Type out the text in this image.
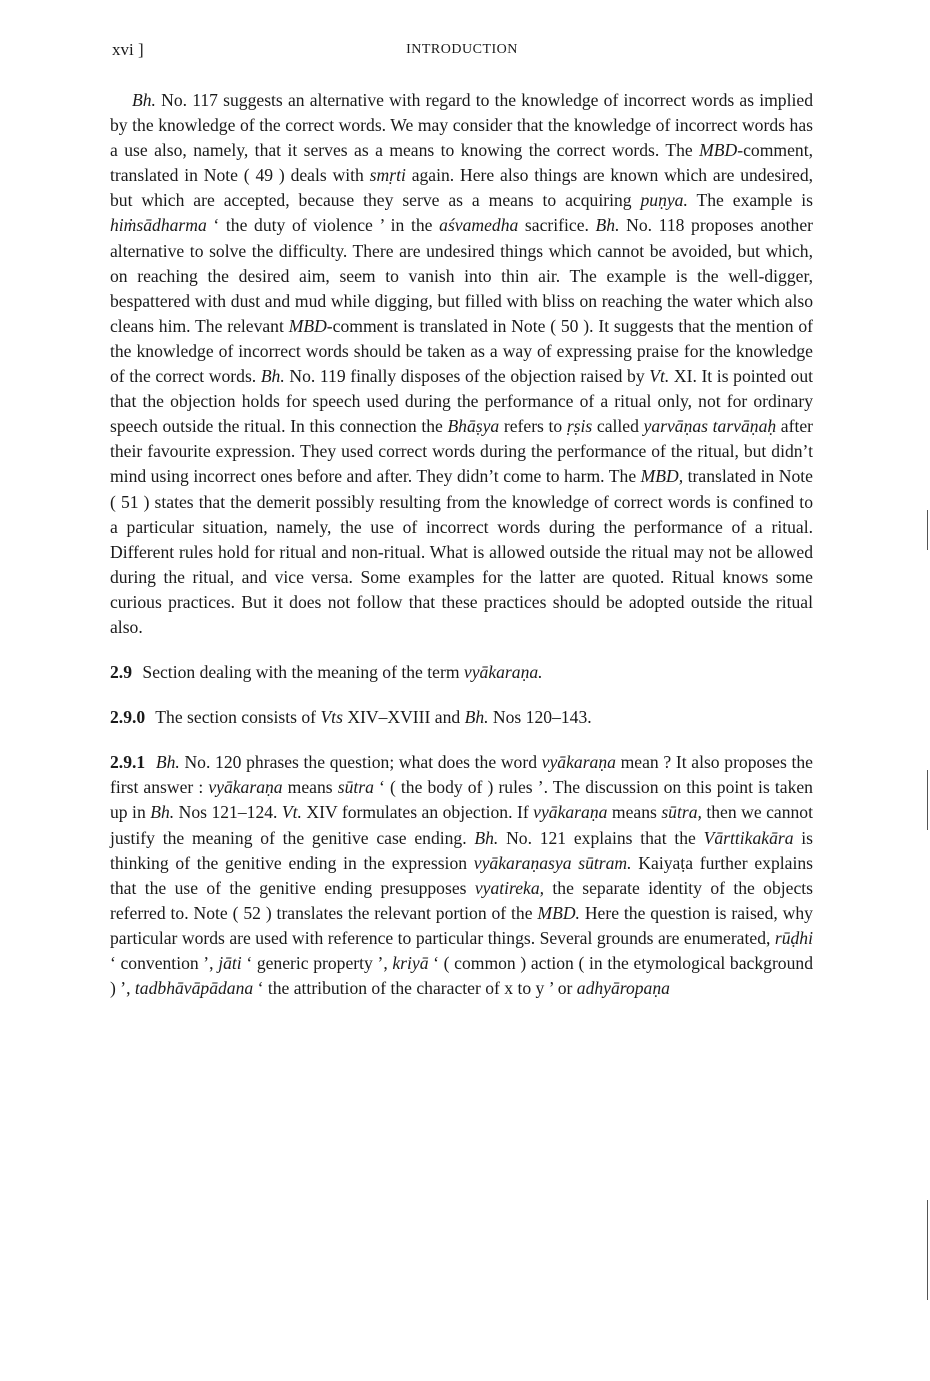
xvi ]	INTRODUCTION

Bh. No. 117 suggests an alternative with regard to the knowledge of incorrect words as implied by the knowledge of the correct words. We may consider that the knowledge of incorrect words has a use also, namely, that it serves as a means to knowing the correct words. The MBD-comment, translated in Note ( 49 ) deals with smṛti again. Here also things are known which are undesired, but which are accepted, because they serve as a means to acquiring puṇya. The example is hiṁsādharma ‘ the duty of violence ’ in the aśvamedha sacrifice. Bh. No. 118 proposes another alternative to solve the difficulty. There are undesired things which cannot be avoided, but which, on reaching the desired aim, seem to vanish into thin air. The example is the well-digger, bespattered with dust and mud while digging, but filled with bliss on reaching the water which also cleans him. The relevant MBD-comment is translated in Note ( 50 ). It suggests that the mention of the knowledge of incorrect words should be taken as a way of expressing praise for the knowledge of the correct words. Bh. No. 119 finally disposes of the objection raised by Vt. XI. It is pointed out that the objection holds for speech used during the performance of a ritual only, not for ordinary speech outside the ritual. In this connection the Bhāṣya refers to ṛṣis called yarvāṇas tarvāṇaḥ after their favourite expression. They used correct words during the performance of the ritual, but didn’t mind using incorrect ones before and after. They didn’t come to harm. The MBD, translated in Note ( 51 ) states that the demerit possibly resulting from the knowledge of correct words is confined to a particular situation, namely, the use of incorrect words during the performance of a ritual. Different rules hold for ritual and non-ritual. What is allowed outside the ritual may not be allowed during the ritual, and vice versa. Some examples for the latter are quoted. Ritual knows some curious practices. But it does not follow that these practices should be adopted outside the ritual also.

2.9 Section dealing with the meaning of the term vyākaraṇa.

2.9.0 The section consists of Vts XIV–XVIII and Bh. Nos 120–143.

2.9.1 Bh. No. 120 phrases the question; what does the word vyākaraṇa mean ? It also proposes the first answer : vyākaraṇa means sūtra ‘ ( the body of ) rules ’. The discussion on this point is taken up in Bh. Nos 121–124. Vt. XIV formulates an objection. If vyākaraṇa means sūtra, then we cannot justify the meaning of the genitive case ending. Bh. No. 121 explains that the Vārttikakāra is thinking of the genitive ending in the expression vyākaraṇasya sūtram. Kaiyaṭa further explains that the use of the genitive ending presupposes vyatireka, the separate identity of the objects referred to. Note ( 52 ) translates the relevant portion of the MBD. Here the question is raised, why particular words are used with reference to particular things. Several grounds are enumerated, rūḍhi ‘ convention ’, jāti ‘ generic property ’, kriyā ‘ ( common ) action ( in the etymological background ) ’, tadbhāvāpādana ‘ the attribution of the character of x to y ’ or adhyāropaṇa
